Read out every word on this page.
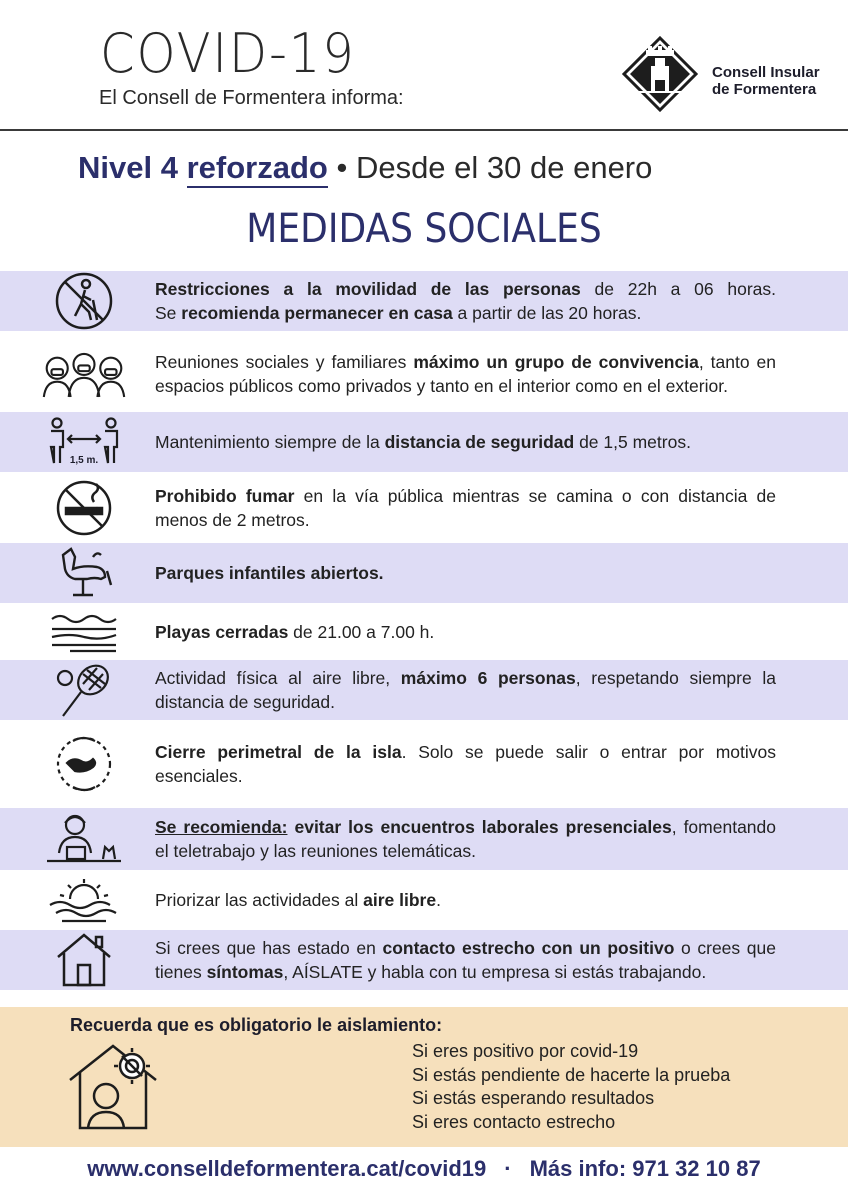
COVID-19
El Consell de Formentera informa:
Consell Insular
de Formentera
Nivel 4 reforzado • Desde el 30 de enero
MEDIDAS SOCIALES
Restricciones a la movilidad de las personas de 22h a 06 horas.
Se recomienda permanecer en casa a partir de las 20 horas.
Reuniones sociales y familiares máximo un grupo de convivencia, tanto en
espacios públicos como privados y tanto en el interior como en el exterior.
1,5 m.
Mantenimiento siempre de la distancia de seguridad de 1,5 metros.
Prohibido fumar en la vía pública mientras se camina o con distancia de
menos de 2 metros.
Parques infantiles abiertos.
Playas cerradas de 21.00 a 7.00 h.
Actividad física al aire libre, máximo 6 personas, respetando siempre la
distancia de seguridad.
Cierre perimetral de la isla. Solo se puede salir o entrar por motivos
esenciales.
Se recomienda: evitar los encuentros laborales presenciales, fomentando
el teletrabajo y las reuniones telemáticas.
Priorizar las actividades al aire libre.
Si crees que has estado en contacto estrecho con un positivo o crees que
tienes síntomas, AÍSLATE y habla con tu empresa si estás trabajando.
Recuerda que es obligatorio le aislamiento:
Si eres positivo por covid-19
Si estás pendiente de hacerte la prueba
Si estás esperando resultados
Si eres contacto estrecho
www.conselldeformentera.cat/covid19 · Más info: 971 32 10 87
